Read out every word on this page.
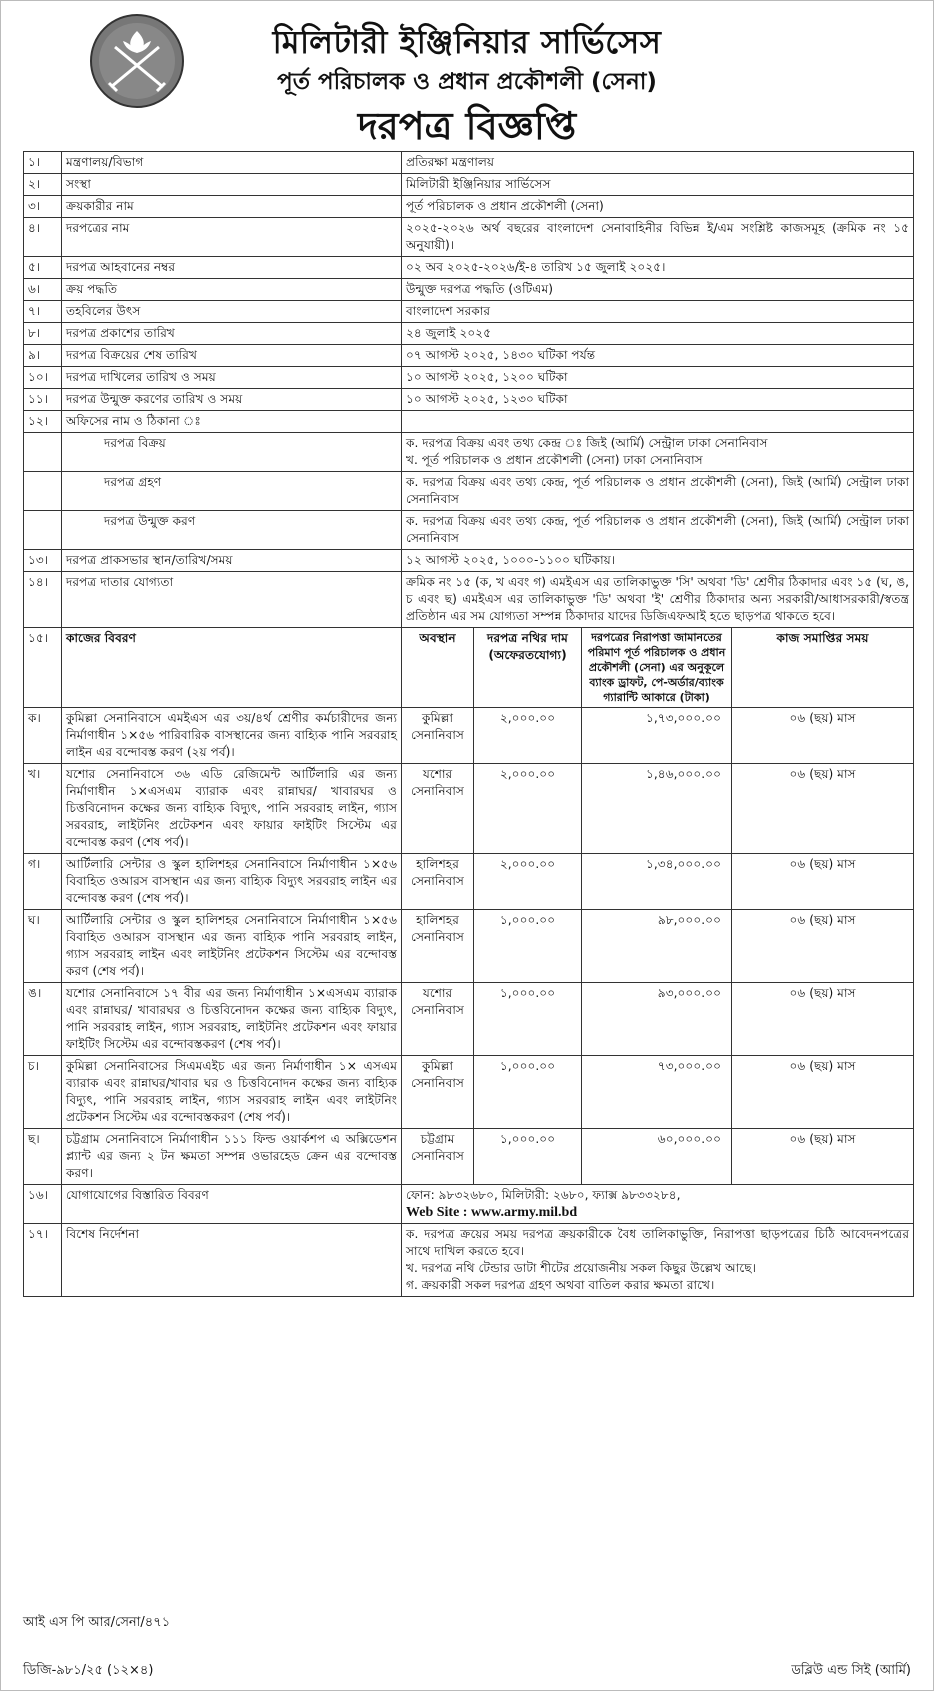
মিলিটারী ইঞ্জিনিয়ার সার্ভিসেস
পূর্ত পরিচালক ও প্রধান প্রকৌশলী (সেনা)
দরপত্র বিজ্ঞপ্তি
১।	মন্ত্রণালয়/বিভাগ	প্রতিরক্ষা মন্ত্রণালয়			
২।	সংস্থা	মিলিটারী ইঞ্জিনিয়ার সার্ভিসেস			
৩।	ক্রয়কারীর নাম	পূর্ত পরিচালক ও প্রধান প্রকৌশলী (সেনা)			
৪।	দরপত্রের নাম	২০২৫-২০২৬ অর্থ বছরের বাংলাদেশ সেনাবাহিনীর বিভিন্ন ই/এম সংশ্লিষ্ট কাজসমূহ (ক্রমিক নং ১৫ অনুযায়ী)।			
৫।	দরপত্র আহবানের নম্বর	০২ অব ২০২৫-২০২৬/ই-৪ তারিখ ১৫ জুলাই ২০২৫।			
৬।	ক্রয় পদ্ধতি	উন্মুক্ত দরপত্র পদ্ধতি (ওটিএম)			
৭।	তহবিলের উৎস	বাংলাদেশ সরকার			
৮।	দরপত্র প্রকাশের তারিখ	২৪ জুলাই ২০২৫			
৯।	দরপত্র বিক্রয়ের শেষ তারিখ	০৭ আগস্ট ২০২৫, ১৪৩০ ঘটিকা পর্যন্ত			
১০।	দরপত্র দাখিলের তারিখ ও সময়	১০ আগস্ট ২০২৫, ১২০০ ঘটিকা			
১১।	দরপত্র উন্মুক্ত করণের তারিখ ও সময়	১০ আগস্ট ২০২৫, ১২৩০ ঘটিকা			
১২।	অফিসের নাম ও ঠিকানা ঃ				
	দরপত্র বিক্রয়	ক. দরপত্র বিক্রয় এবং তথ্য কেন্দ্র ঃ জিই (আর্মি) সেন্ট্রাল ঢাকা সেনানিবাস
খ. পূর্ত পরিচালক ও প্রধান প্রকৌশলী (সেনা) ঢাকা সেনানিবাস			
	দরপত্র গ্রহণ	ক. দরপত্র বিক্রয় এবং তথ্য কেন্দ্র, পূর্ত পরিচালক ও প্রধান প্রকৌশলী (সেনা), জিই (আর্মি) সেন্ট্রাল ঢাকা সেনানিবাস			
	দরপত্র উন্মুক্ত করণ	ক. দরপত্র বিক্রয় এবং তথ্য কেন্দ্র, পূর্ত পরিচালক ও প্রধান প্রকৌশলী (সেনা), জিই (আর্মি) সেন্ট্রাল ঢাকা সেনানিবাস			
১৩।	দরপত্র প্রাকসভার স্থান/তারিখ/সময়	১২ আগস্ট ২০২৫, ১০০০-১১০০ ঘটিকায়।			
১৪।	দরপত্র দাতার যোগ্যতা	ক্রমিক নং ১৫ (ক, খ এবং গ) এমইএস এর তালিকাভুক্ত 'সি' অথবা 'ডি' শ্রেণীর ঠিকাদার এবং ১৫ (ঘ, ঙ, চ এবং ছ) এমইএস এর তালিকাভুক্ত 'ডি' অথবা 'ই' শ্রেণীর ঠিকাদার অন্য সরকারী/আধাসরকারী/স্বতন্ত্র প্রতিষ্ঠান এর সম যোগ্যতা সম্পন্ন ঠিকাদার যাদের ডিজিএফআই হতে ছাড়পত্র থাকতে হবে।			
১৫।	কাজের বিবরণ	অবস্থান	দরপত্র নথির দাম (অফেরতযোগ্য)	দরপত্রের নিরাপত্তা জামানতের পরিমাণ পূর্ত পরিচালক ও প্রধান প্রকৌশলী (সেনা) এর অনুকূলে ব্যাংক ড্রাফট, পে-অর্ডার/ব্যাংক গ্যারান্টি আকারে (টাকা)	কাজ সমাপ্তির সময়
ক।	কুমিল্লা সেনানিবাসে এমইএস এর ৩য়/৪র্থ শ্রেণীর কর্মচারীদের জন্য নির্মাণাধীন ১×৫৬ পারিবারিক বাসস্থানের জন্য বাহ্যিক পানি সরবরাহ লাইন এর বন্দোবস্ত করণ (২য় পর্ব)।	কুমিল্লা সেনানিবাস	২,০০০.০০	১,৭৩,০০০.০০	০৬ (ছয়) মাস
খ।	যশোর সেনানিবাসে ৩৬ এডি রেজিমেন্ট আর্টিলারি এর জন্য নির্মাণাধীন ১×এসএম ব্যারাক এবং রান্নাঘর/ খাবারঘর ও চিত্তবিনোদন কক্ষের জন্য বাহ্যিক বিদ্যুৎ, পানি সরবরাহ লাইন, গ্যাস সরবরাহ, লাইটনিং প্রটেকশন এবং ফায়ার ফাইটিং সিস্টেম এর বন্দোবস্ত করণ (শেষ পর্ব)।	যশোর সেনানিবাস	২,০০০.০০	১,৪৬,০০০.০০	০৬ (ছয়) মাস
গ।	আর্টিলারি সেন্টার ও স্কুল হালিশহর সেনানিবাসে নির্মাণাধীন ১×৫৬ বিবাহিত ওআরস বাসস্থান এর জন্য বাহ্যিক বিদ্যুৎ সরবরাহ লাইন এর বন্দোবস্ত করণ (শেষ পর্ব)।	হালিশহর সেনানিবাস	২,০০০.০০	১,৩৪,০০০.০০	০৬ (ছয়) মাস
ঘ।	আর্টিলারি সেন্টার ও স্কুল হালিশহর সেনানিবাসে নির্মাণাধীন ১×৫৬ বিবাহিত ওআরস বাসস্থান এর জন্য বাহ্যিক পানি সরবরাহ লাইন, গ্যাস সরবরাহ লাইন এবং লাইটনিং প্রটেকশন সিস্টেম এর বন্দোবস্ত করণ (শেষ পর্ব)।	হালিশহর সেনানিবাস	১,০০০.০০	৯৮,০০০.০০	০৬ (ছয়) মাস
ঙ।	যশোর সেনানিবাসে ১৭ বীর এর জন্য নির্মাণাধীন ১×এসএম ব্যারাক এবং রান্নাঘর/ খাবারঘর ও চিত্তবিনোদন কক্ষের জন্য বাহ্যিক বিদ্যুৎ, পানি সরবরাহ লাইন, গ্যাস সরবরাহ, লাইটনিং প্রটেকশন এবং ফায়ার ফাইটিং সিস্টেম এর বন্দোবস্তকরণ (শেষ পর্ব)।	যশোর সেনানিবাস	১,০০০.০০	৯৩,০০০.০০	০৬ (ছয়) মাস
চ।	কুমিল্লা সেনানিবাসের সিএমএইচ এর জন্য নির্মাণাধীন ১× এসএম ব্যারাক এবং রান্নাঘর/খাবার ঘর ও চিত্তবিনোদন কক্ষের জন্য বাহ্যিক বিদ্যুৎ, পানি সরবরাহ লাইন, গ্যাস সরবরাহ লাইন এবং লাইটনিং প্রটেকশন সিস্টেম এর বন্দোবস্তকরণ (শেষ পর্ব)।	কুমিল্লা সেনানিবাস	১,০০০.০০	৭৩,০০০.০০	০৬ (ছয়) মাস
ছ।	চট্টগ্রাম সেনানিবাসে নির্মাণাধীন ১১১ ফিল্ড ওয়ার্কশপ এ অক্সিডেশন প্ল্যান্ট এর জন্য ২ টন ক্ষমতা সম্পন্ন ওভারহেড ক্রেন এর বন্দোবস্ত করণ।	চট্টগ্রাম সেনানিবাস	১,০০০.০০	৬০,০০০.০০	০৬ (ছয়) মাস
১৬।	যোগাযোগের বিস্তারিত বিবরণ	ফোন: ৯৮৩২৬৮০, মিলিটারী: ২৬৮০, ফ্যাক্স ৯৮৩৩২৮৪,
Web Site : www.army.mil.bd			

১৭।	বিশেষ নির্দেশনা	ক. দরপত্র ক্রয়ের সময় দরপত্র ক্রয়কারীকে বৈধ তালিকাভুক্তি, নিরাপত্তা ছাড়পত্রের চিঠি আবেদনপত্রের সাথে দাখিল করতে হবে।
খ. দরপত্র নথি টেন্ডার ডাটা শীটের প্রয়োজনীয় সকল কিছুর উল্লেখ আছে।
গ. ক্রয়কারী সকল দরপত্র গ্রহণ অথবা বাতিল করার ক্ষমতা রাখে।			
আই এস পি আর/সেনা/৪৭১
ডিজি-৯৮১/২৫ (১২×৪)	ডব্লিউ এন্ড সিই (আর্মি)
